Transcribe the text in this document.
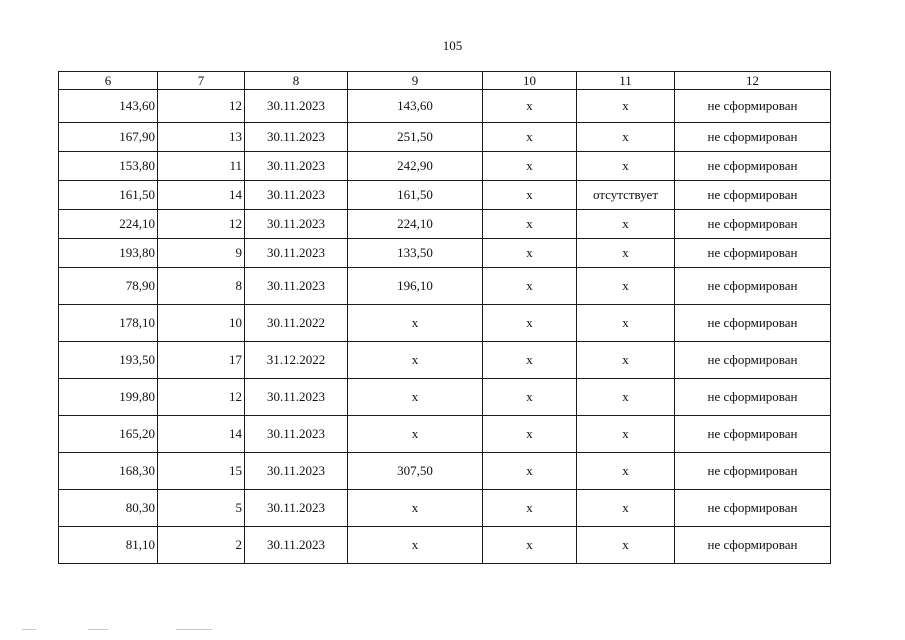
105
6	7	8	9	10	11	12
143,60	12	30.11.2023	143,60	x	x	не сформирован
167,90	13	30.11.2023	251,50	x	x	не сформирован
153,80	11	30.11.2023	242,90	x	x	не сформирован
161,50	14	30.11.2023	161,50	x	отсутствует	не сформирован
224,10	12	30.11.2023	224,10	x	x	не сформирован
193,80	9	30.11.2023	133,50	x	x	не сформирован
78,90	8	30.11.2023	196,10	x	x	не сформирован
178,10	10	30.11.2022	x	x	x	не сформирован
193,50	17	31.12.2022	x	x	x	не сформирован
199,80	12	30.11.2023	x	x	x	не сформирован
165,20	14	30.11.2023	x	x	x	не сформирован
168,30	15	30.11.2023	307,50	x	x	не сформирован
80,30	5	30.11.2023	x	x	x	не сформирован
81,10	2	30.11.2023	x	x	x	не сформирован
